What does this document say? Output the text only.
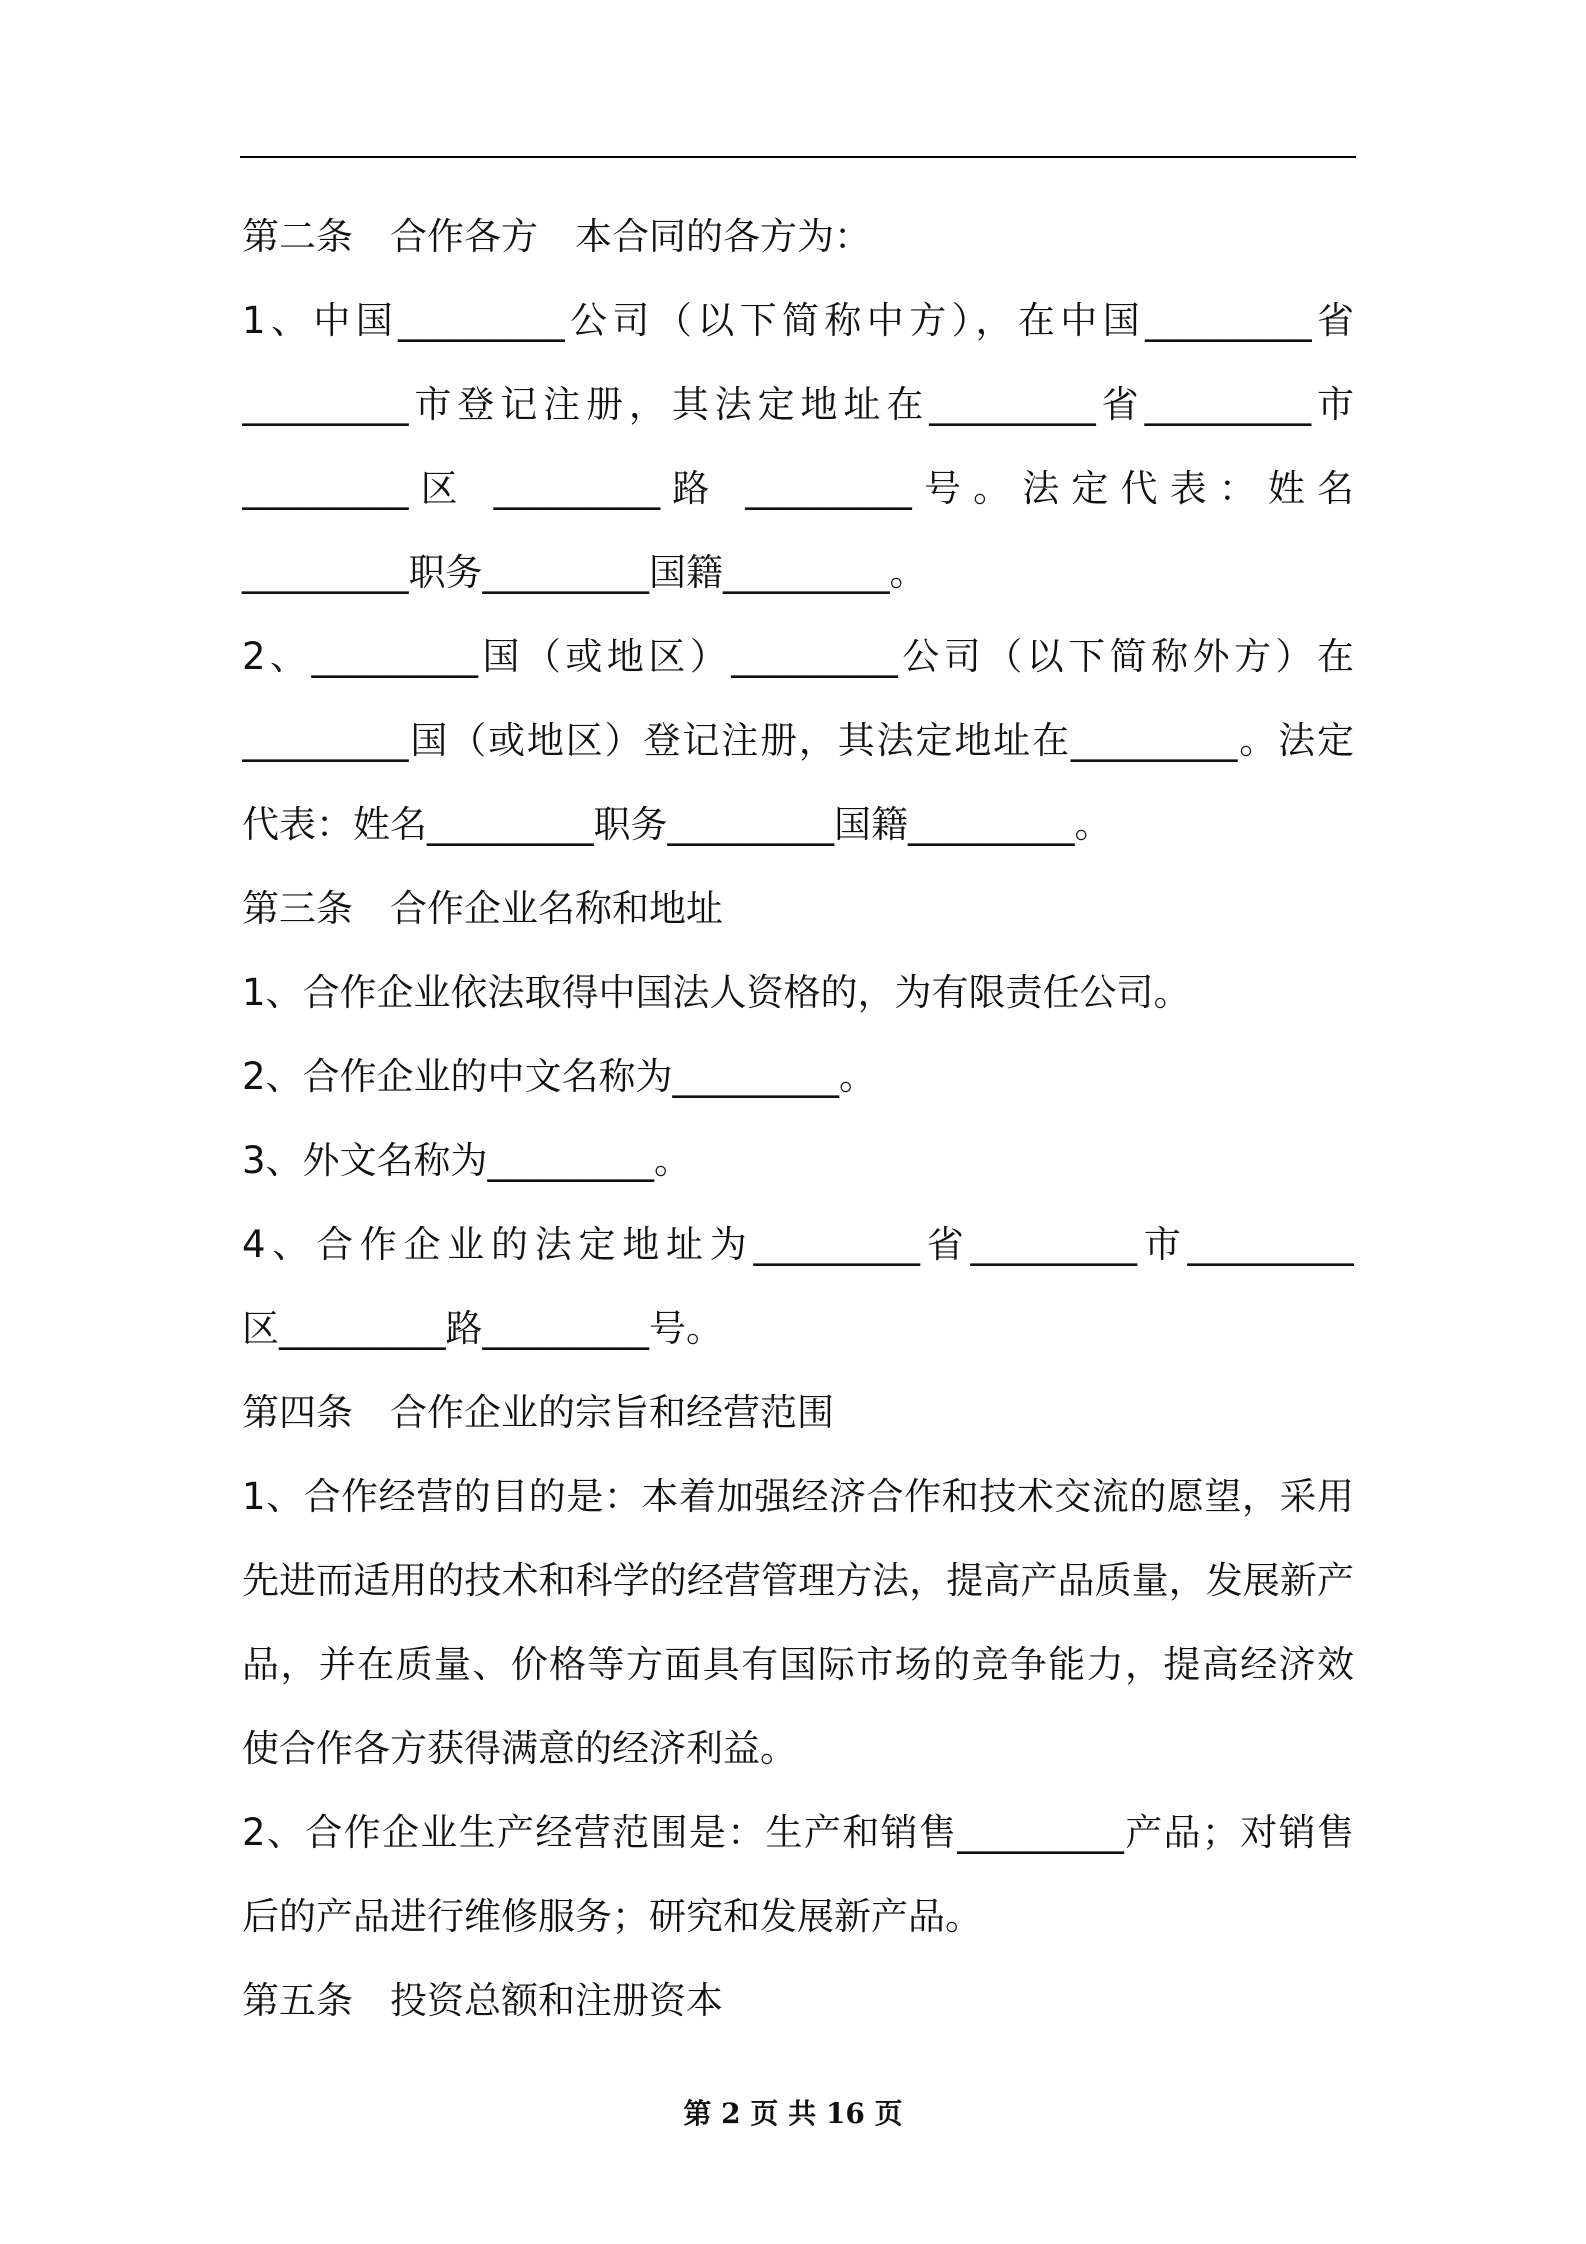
第二条　合作各方　本合同的各方为：
1、中国_________公司（以下简称中方），在中国_________省
_________市登记注册，其法定地址在_________省_________市
_________区 _________路 _________号。法定代表：姓名
_________职务_________国籍_________。
2、_________国（或地区）_________公司（以下简称外方）在
_________国（或地区）登记注册，其法定地址在_________。法定
代表：姓名_________职务_________国籍_________。
第三条　合作企业名称和地址
1、合作企业依法取得中国法人资格的，为有限责任公司。
2、合作企业的中文名称为_________。
3、外文名称为_________。
4、合作企业的法定地址为_________省_________市_________
区_________路_________号。
第四条　合作企业的宗旨和经营范围
1、合作经营的目的是：本着加强经济合作和技术交流的愿望，采用
先进而适用的技术和科学的经营管理方法，提高产品质量，发展新产
品，并在质量、价格等方面具有国际市场的竞争能力，提高经济效
使合作各方获得满意的经济利益。
2、合作企业生产经营范围是：生产和销售_________产品；对销售
后的产品进行维修服务；研究和发展新产品。
第五条　投资总额和注册资本
第 2 页 共 16 页
